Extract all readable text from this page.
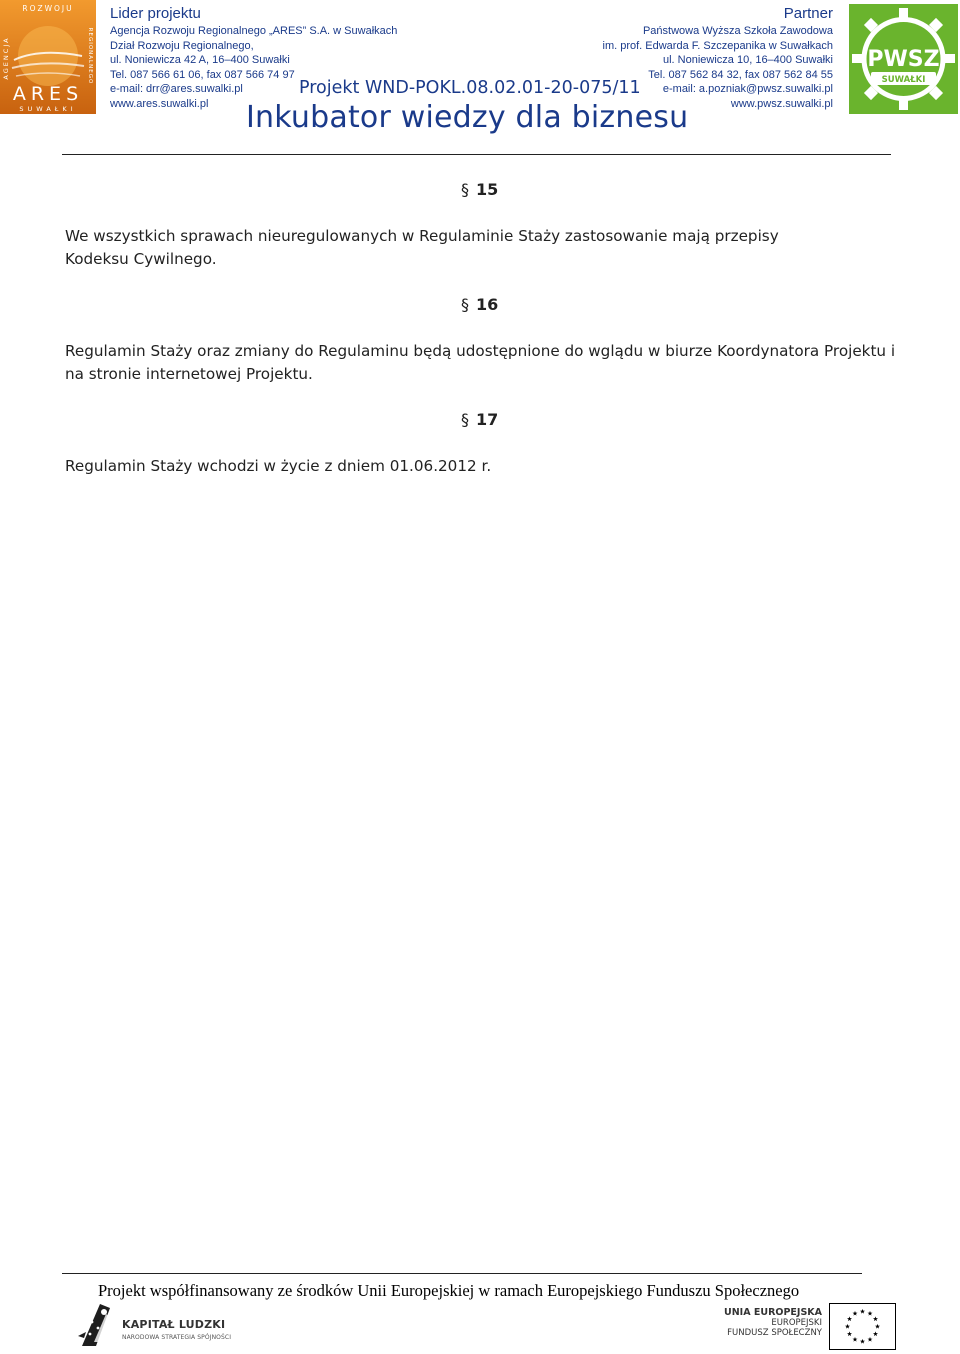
ROZWOJU
AGENCJA	REGIONALNEGO
ARES
SUWAŁKI
Lider projektu
Agencja Rozwoju Regionalnego „ARES” S.A. w Suwałkach
Dział Rozwoju Regionalnego,
ul. Noniewicza 42 A, 16–400 Suwałki
Tel. 087 566 61 06, fax 087 566 74 97
e-mail: drr@ares.suwalki.pl
www.ares.suwalki.pl
Partner
Państwowa Wyższa Szkoła Zawodowa
im. prof. Edwarda F. Szczepanika w Suwałkach
ul. Noniewicza 10, 16–400 Suwałki
Tel. 087 562 84 32, fax 087 562 84 55
e-mail: a.pozniak@pwsz.suwalki.pl
www.pwsz.suwalki.pl
PWSZ
SUWAŁKI
Projekt WND-POKL.08.02.01-20-075/11
Inkubator wiedzy dla biznesu
§ 15
We wszystkich sprawach nieuregulowanych w Regulaminie Staży zastosowanie mają przepisy Kodeksu Cywilnego.
§ 16
Regulamin Staży oraz zmiany do Regulaminu będą udostępnione do wglądu w biurze Koordynatora Projektu i na stronie internetowej Projektu.
§ 17
Regulamin Staży wchodzi w życie z dniem 01.06.2012 r.
Projekt współfinansowany ze środków Unii Europejskiej w ramach Europejskiego Funduszu Społecznego
KAPITAŁ LUDZKI
NARODOWA STRATEGIA SPÓJNOŚCI
UNIA EUROPEJSKA
EUROPEJSKI
FUNDUSZ SPOŁECZNY
